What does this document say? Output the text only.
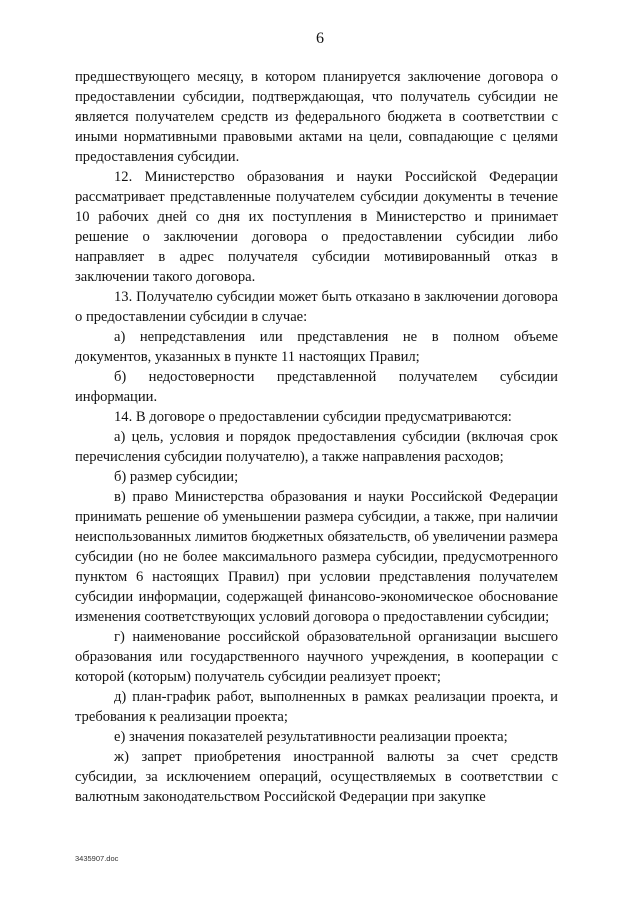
6

предшествующего месяцу, в котором планируется заключение договора о предоставлении субсидии, подтверждающая, что получатель субсидии не является получателем средств из федерального бюджета в соответствии с иными нормативными правовыми актами на цели, совпадающие с целями предоставления субсидии.

12. Министерство образования и науки Российской Федерации рассматривает представленные получателем субсидии документы в течение 10 рабочих дней со дня их поступления в Министерство и принимает решение о заключении договора о предоставлении субсидии либо направляет в адрес получателя субсидии мотивированный отказ в заключении такого договора.

13. Получателю субсидии может быть отказано в заключении договора о предоставлении субсидии в случае:

а) непредставления или представления не в полном объеме документов, указанных в пункте 11 настоящих Правил;

б) недостоверности представленной получателем субсидии информации.

14. В договоре о предоставлении субсидии предусматриваются:

а) цель, условия и порядок предоставления субсидии (включая срок перечисления субсидии получателю), а также направления расходов;

б) размер субсидии;

в) право Министерства образования и науки Российской Федерации принимать решение об уменьшении размера субсидии, а также, при наличии неиспользованных лимитов бюджетных обязательств, об увеличении размера субсидии (но не более максимального размера субсидии, предусмотренного пунктом 6 настоящих Правил) при условии представления получателем субсидии информации, содержащей финансово-экономическое обоснование изменения соответствующих условий договора о предоставлении субсидии;

г) наименование российской образовательной организации высшего образования или государственного научного учреждения, в кооперации с которой (которым) получатель субсидии реализует проект;

д) план-график работ, выполненных в рамках реализации проекта, и требования к реализации проекта;

е) значения показателей результативности реализации проекта;

ж) запрет приобретения иностранной валюты за счет средств субсидии, за исключением операций, осуществляемых в соответствии с валютным законодательством Российской Федерации при закупке

3435907.doc
